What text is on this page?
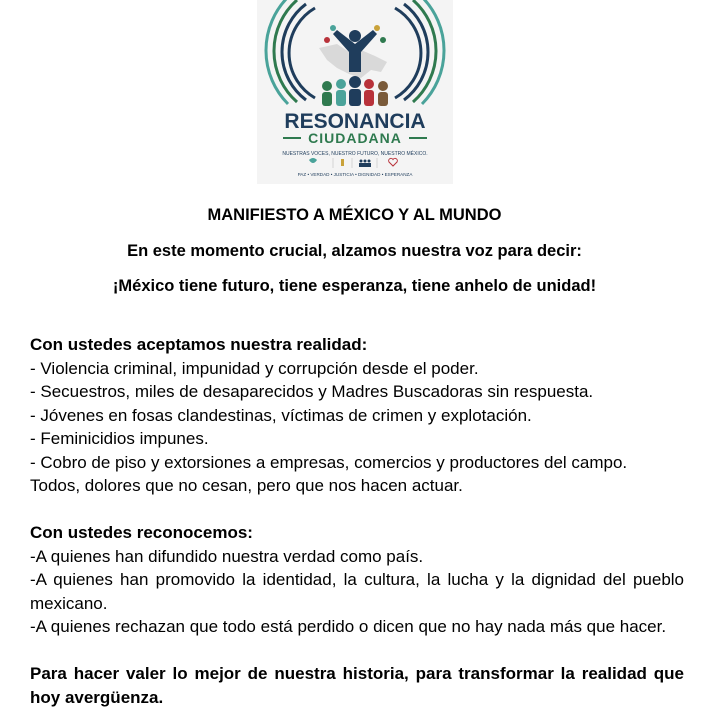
RESONANCIA
CIUDADANA
NUESTRAS VOCES, NUESTRO FUTURO, NUESTRO MÉXICO.
PAZ • VERDAD • JUSTICIA • DIGNIDAD • ESPERANZA
MANIFIESTO A MÉXICO Y AL MUNDO
En este momento crucial, alzamos nuestra voz para decir:
¡México tiene futuro, tiene esperanza, tiene anhelo de unidad!
Con ustedes aceptamos nuestra realidad:
- Violencia criminal, impunidad y corrupción desde el poder.
- Secuestros, miles de desaparecidos y Madres Buscadoras sin respuesta.
- Jóvenes en fosas clandestinas, víctimas de crimen y explotación.
- Feminicidios impunes.
- Cobro de piso y extorsiones a empresas, comercios y productores del campo.
Todos, dolores que no cesan, pero que nos hacen actuar.
Con ustedes reconocemos:
-A quienes han difundido nuestra verdad como país.
-A quienes han promovido la identidad, la cultura, la lucha y la dignidad del pueblo mexicano.
-A quienes rechazan que todo está perdido o dicen que no hay nada más que hacer.
Para hacer valer lo mejor de nuestra historia, para transformar la realidad que hoy avergüenza.
